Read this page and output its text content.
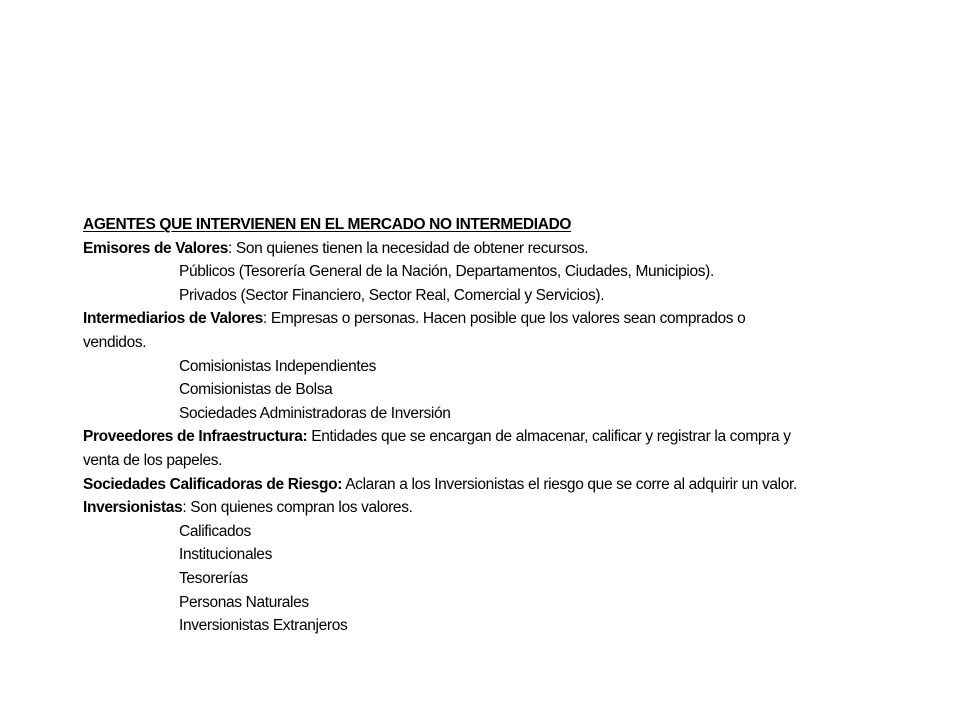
AGENTES QUE INTERVIENEN EN EL MERCADO NO INTERMEDIADO
Emisores de Valores: Son quienes tienen la necesidad de obtener recursos.
Públicos (Tesorería General de la Nación, Departamentos, Ciudades, Municipios).
Privados (Sector Financiero, Sector Real, Comercial y Servicios).
Intermediarios de Valores: Empresas o personas. Hacen posible que los valores sean comprados o
vendidos.
Comisionistas Independientes
Comisionistas de Bolsa
Sociedades Administradoras de Inversión
Proveedores de Infraestructura: Entidades que se encargan de almacenar, calificar y registrar la compra y
venta de los papeles.
Sociedades Calificadoras de Riesgo: Aclaran a los Inversionistas el riesgo que se corre al adquirir un valor.
Inversionistas: Son quienes compran los valores.
Calificados
Institucionales
Tesorerías
Personas Naturales
Inversionistas Extranjeros
